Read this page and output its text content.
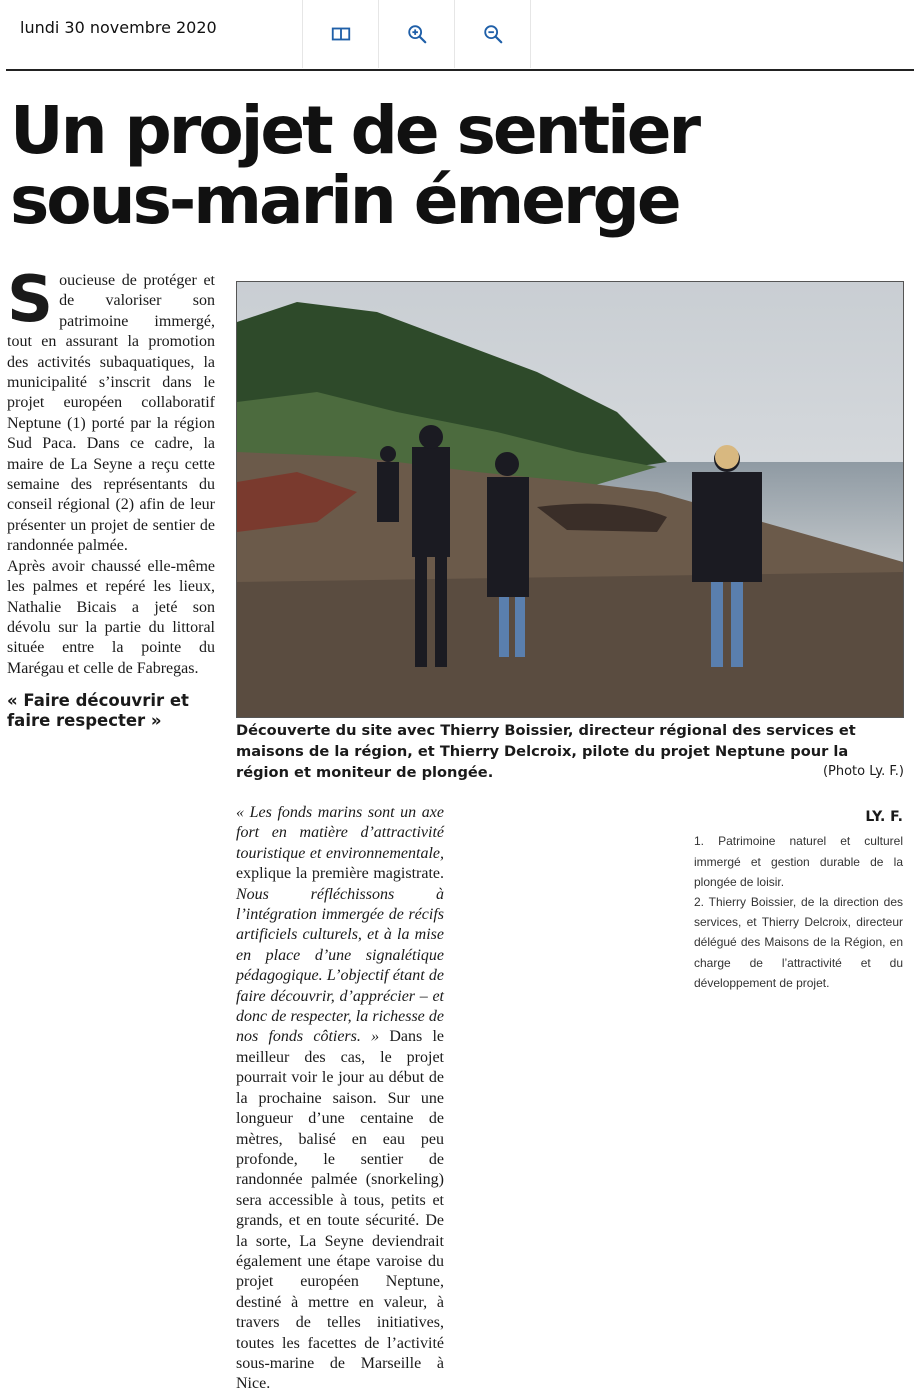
lundi 30 novembre 2020
Un projet de sentier
sous-marin émerge
S oucieuse de protéger et de valoriser son patrimoine immergé, tout en assurant la promotion des activités subaquatiques, la municipalité s’inscrit dans le projet européen collaboratif Neptune (1) porté par la région Sud Paca. Dans ce cadre, la maire de La Seyne a reçu cette semaine des représentants du conseil régional (2) afin de leur présenter un projet de sentier de randonnée palmée.

Après avoir chaussé elle-même les palmes et repéré les lieux, Nathalie Bicais a jeté son dévolu sur la partie du littoral située entre la pointe du Marégau et celle de Fabregas.

« Faire découvrir et faire respecter »
Découverte du site avec Thierry Boissier, directeur régional des services et maisons de la région, et Thierry Delcroix, pilote du projet Neptune pour la région et moniteur de plongée.	(Photo Ly. F.)

« Les fonds marins sont un axe fort en matière d’attractivité touristique et environnementale, explique la première magistrate. Nous réfléchissons à l’intégration immergée de récifs artificiels culturels, et à la mise en place d’une signalétique pédagogique. L’objectif étant de faire découvrir, d’apprécier – et donc de respecter, la richesse de nos fonds côtiers. » Dans le meilleur des cas, le projet pourrait voir le jour au début de la prochaine saison. Sur une longueur d’une centaine de mètres, balisé en eau peu profonde, le sentier de randonnée palmée (snorkeling) sera accessible à tous, petits et grands, et en toute sécurité. De la sorte, La Seyne deviendrait également une étape varoise du projet européen Neptune, destiné à mettre en valeur, à travers de telles initiatives, toutes les facettes de l’activité sous-marine de Marseille à Nice.

LY. F.

1. Patrimoine naturel et culturel immergé et gestion durable de la plongée de loisir.

2. Thierry Boissier, de la direction des services, et Thierry Delcroix, directeur délégué des Maisons de la Région, en charge de l’attractivité et du développement de projet.
